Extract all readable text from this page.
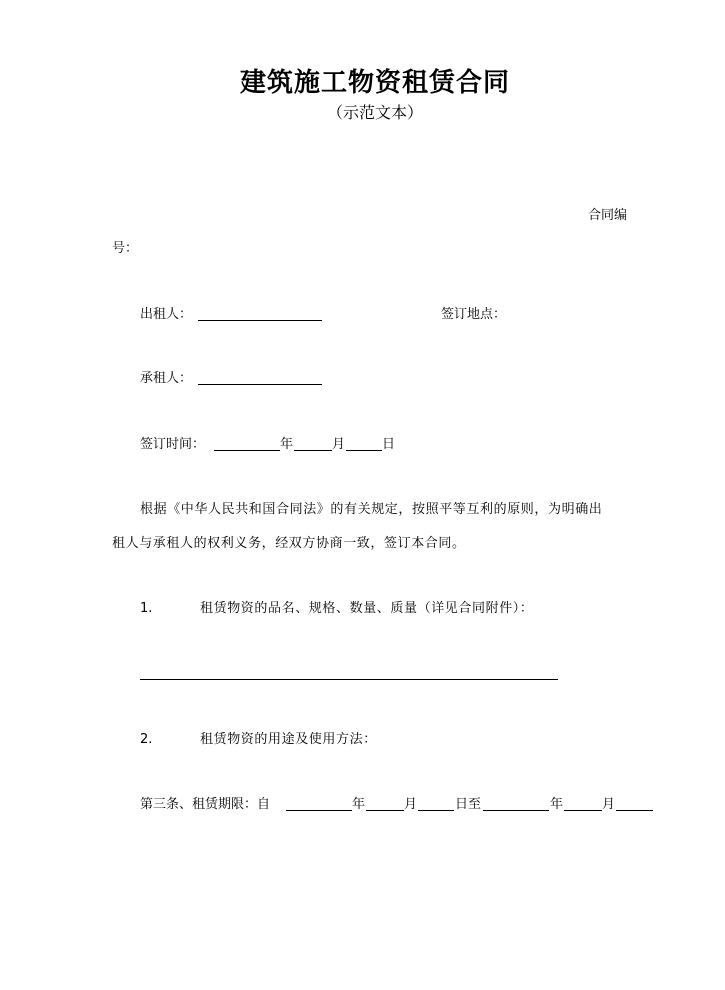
建筑施工物资租赁合同
（示范文本）
合同编
号：
出租人：	签订地点：
承租人：
签订时间：	年	月	日
根据《中华人民共和国合同法》的有关规定，按照平等互利的原则，为明确出
租人与承租人的权利义务，经双方协商一致，签订本合同。
1.	租赁物资的品名、规格、数量、质量（详见合同附件）：
2.	租赁物资的用途及使用方法：
第三条、租赁期限：自	年	月	日至	年	月
